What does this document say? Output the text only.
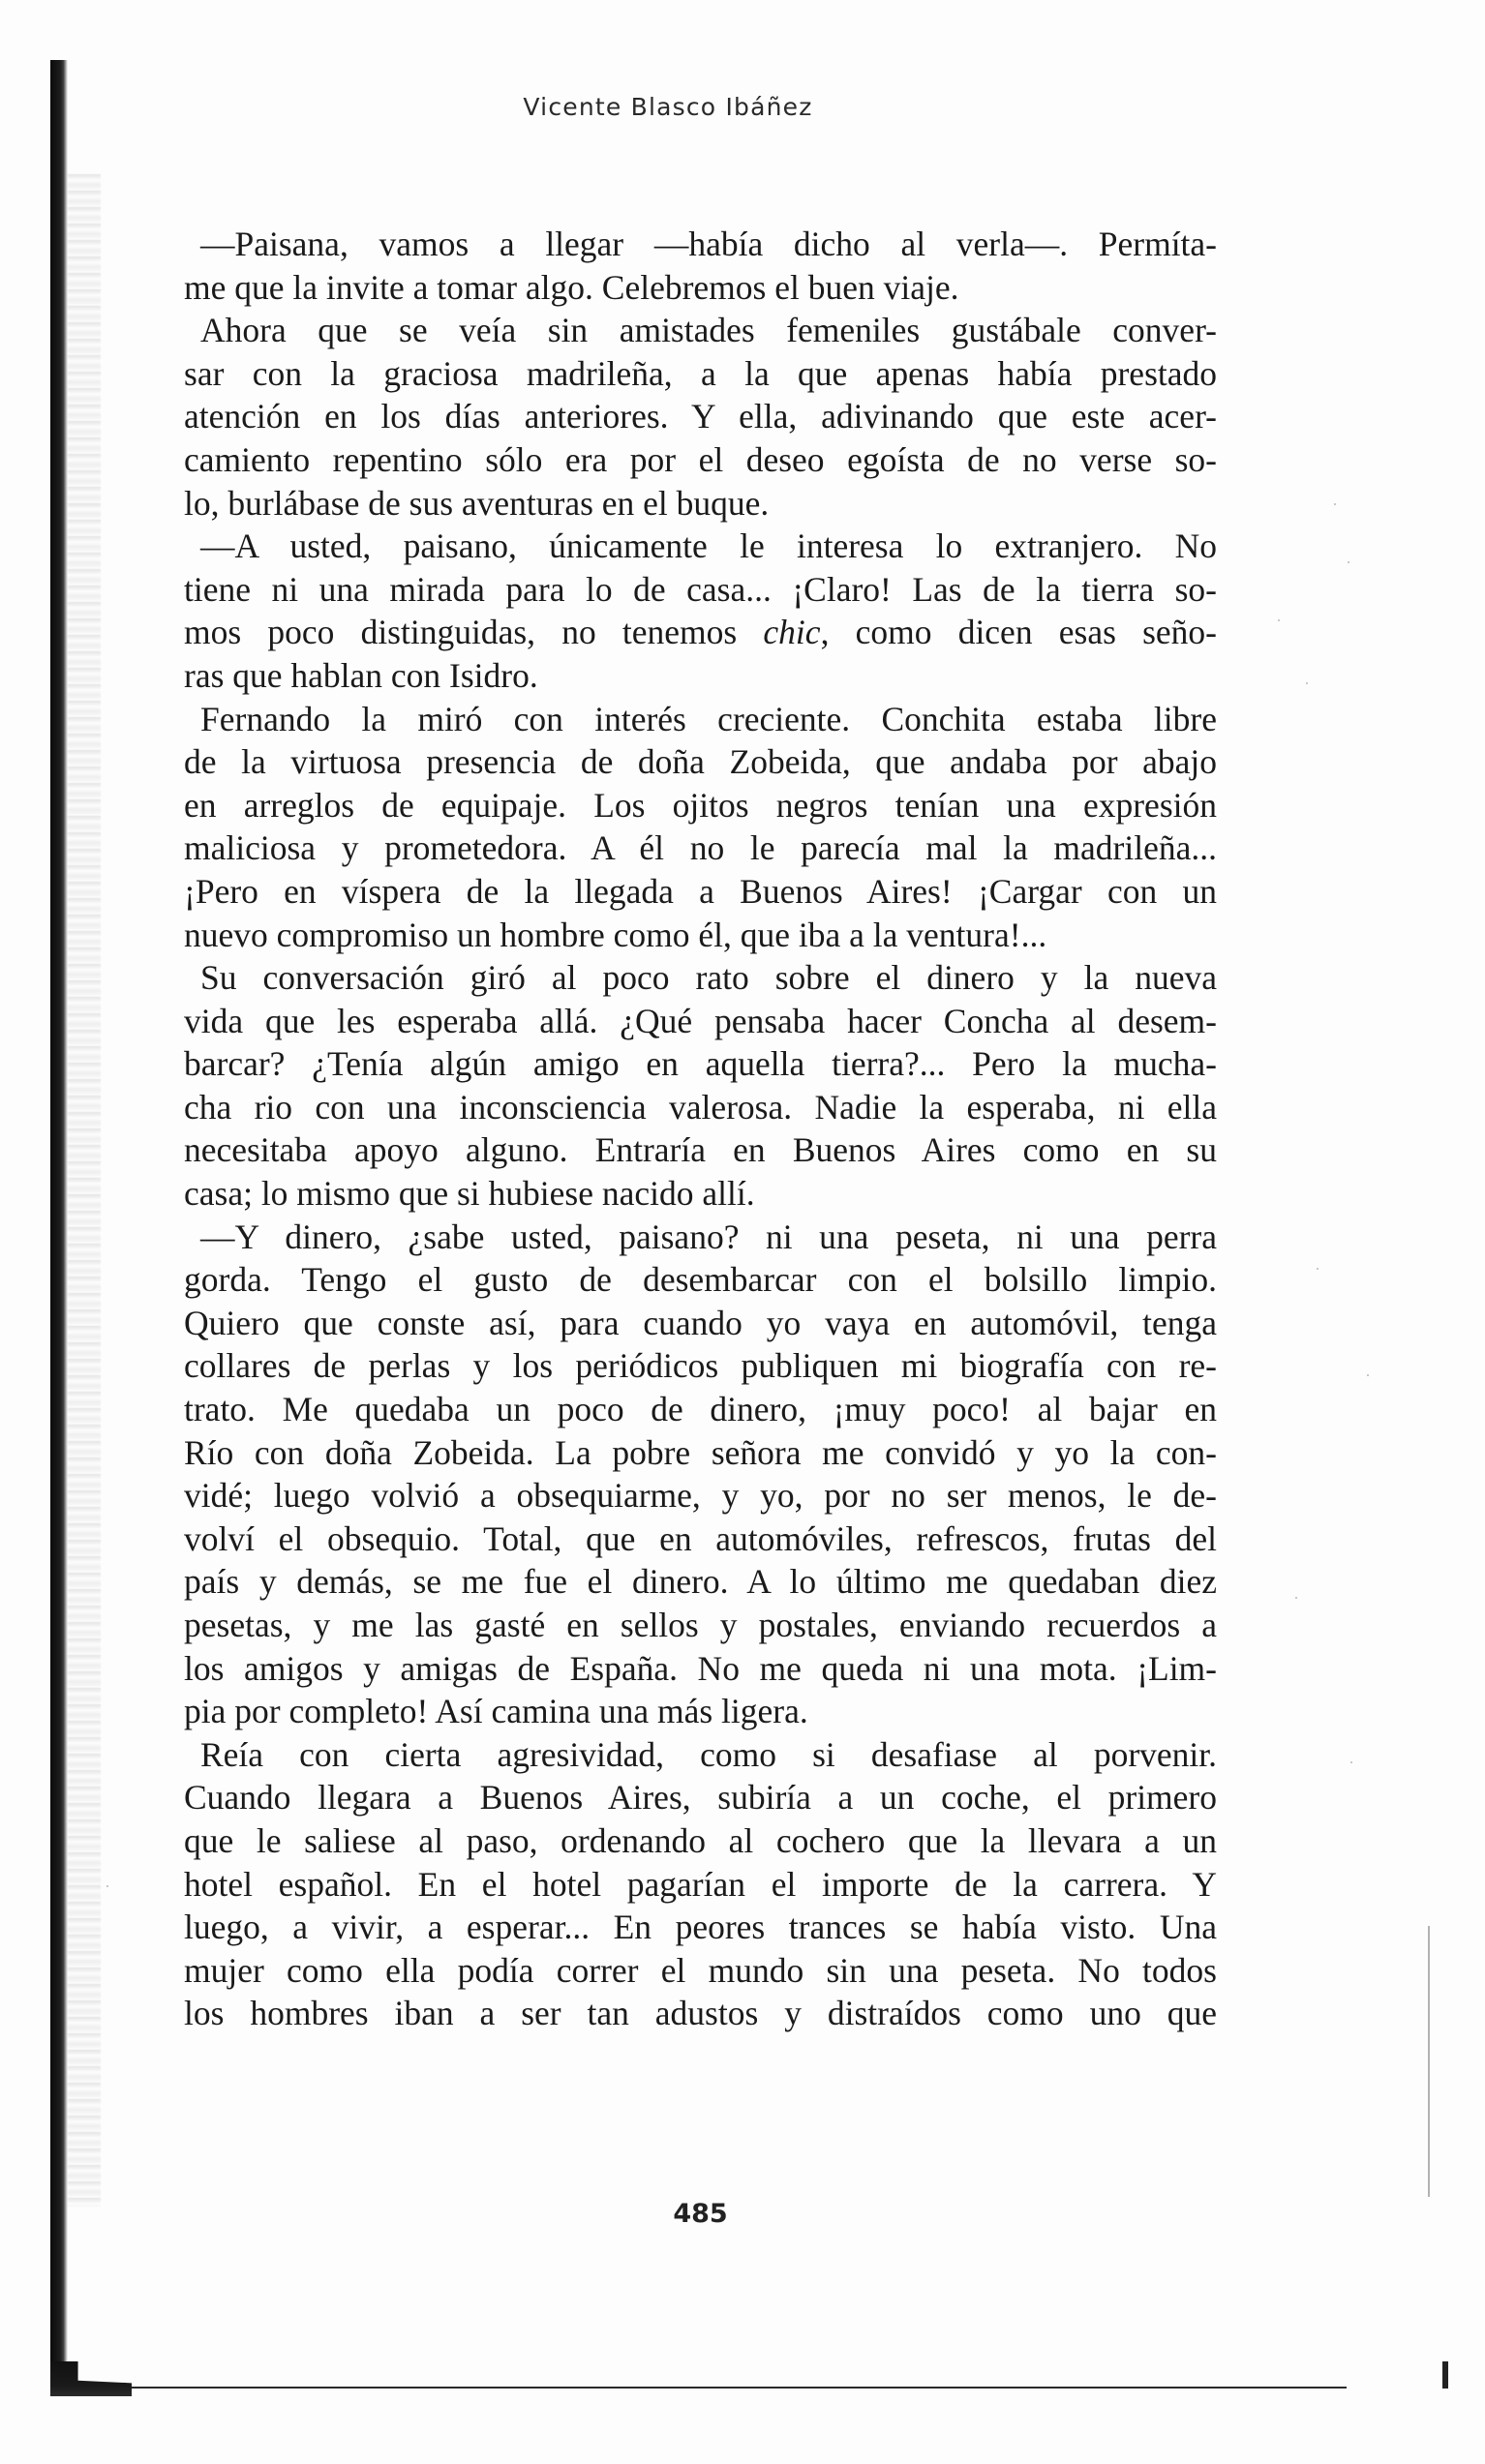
Vicente Blasco Ibáñez
—Paisana, vamos a llegar —había dicho al verla—. Permíta-
me que la invite a tomar algo. Celebremos el buen viaje.
Ahora que se veía sin amistades femeniles gustábale conver-
sar con la graciosa madrileña, a la que apenas había prestado
atención en los días anteriores. Y ella, adivinando que este acer-
camiento repentino sólo era por el deseo egoísta de no verse so-
lo, burlábase de sus aventuras en el buque.
—A usted, paisano, únicamente le interesa lo extranjero. No
tiene ni una mirada para lo de casa... ¡Claro! Las de la tierra so-
mos poco distinguidas, no tenemos chic, como dicen esas seño-
ras que hablan con Isidro.
Fernando la miró con interés creciente. Conchita estaba libre
de la virtuosa presencia de doña Zobeida, que andaba por abajo
en arreglos de equipaje. Los ojitos negros tenían una expresión
maliciosa y prometedora. A él no le parecía mal la madrileña...
¡Pero en víspera de la llegada a Buenos Aires! ¡Cargar con un
nuevo compromiso un hombre como él, que iba a la ventura!...
Su conversación giró al poco rato sobre el dinero y la nueva
vida que les esperaba allá. ¿Qué pensaba hacer Concha al desem-
barcar? ¿Tenía algún amigo en aquella tierra?... Pero la mucha-
cha rio con una inconsciencia valerosa. Nadie la esperaba, ni ella
necesitaba apoyo alguno. Entraría en Buenos Aires como en su
casa; lo mismo que si hubiese nacido allí.
—Y dinero, ¿sabe usted, paisano? ni una peseta, ni una perra
gorda. Tengo el gusto de desembarcar con el bolsillo limpio.
Quiero que conste así, para cuando yo vaya en automóvil, tenga
collares de perlas y los periódicos publiquen mi biografía con re-
trato. Me quedaba un poco de dinero, ¡muy poco! al bajar en
Río con doña Zobeida. La pobre señora me convidó y yo la con-
vidé; luego volvió a obsequiarme, y yo, por no ser menos, le de-
volví el obsequio. Total, que en automóviles, refrescos, frutas del
país y demás, se me fue el dinero. A lo último me quedaban diez
pesetas, y me las gasté en sellos y postales, enviando recuerdos a
los amigos y amigas de España. No me queda ni una mota. ¡Lim-
pia por completo! Así camina una más ligera.
Reía con cierta agresividad, como si desafiase al porvenir.
Cuando llegara a Buenos Aires, subiría a un coche, el primero
que le saliese al paso, ordenando al cochero que la llevara a un
hotel español. En el hotel pagarían el importe de la carrera. Y
luego, a vivir, a esperar... En peores trances se había visto. Una
mujer como ella podía correr el mundo sin una peseta. No todos
los hombres iban a ser tan adustos y distraídos como uno que
485
